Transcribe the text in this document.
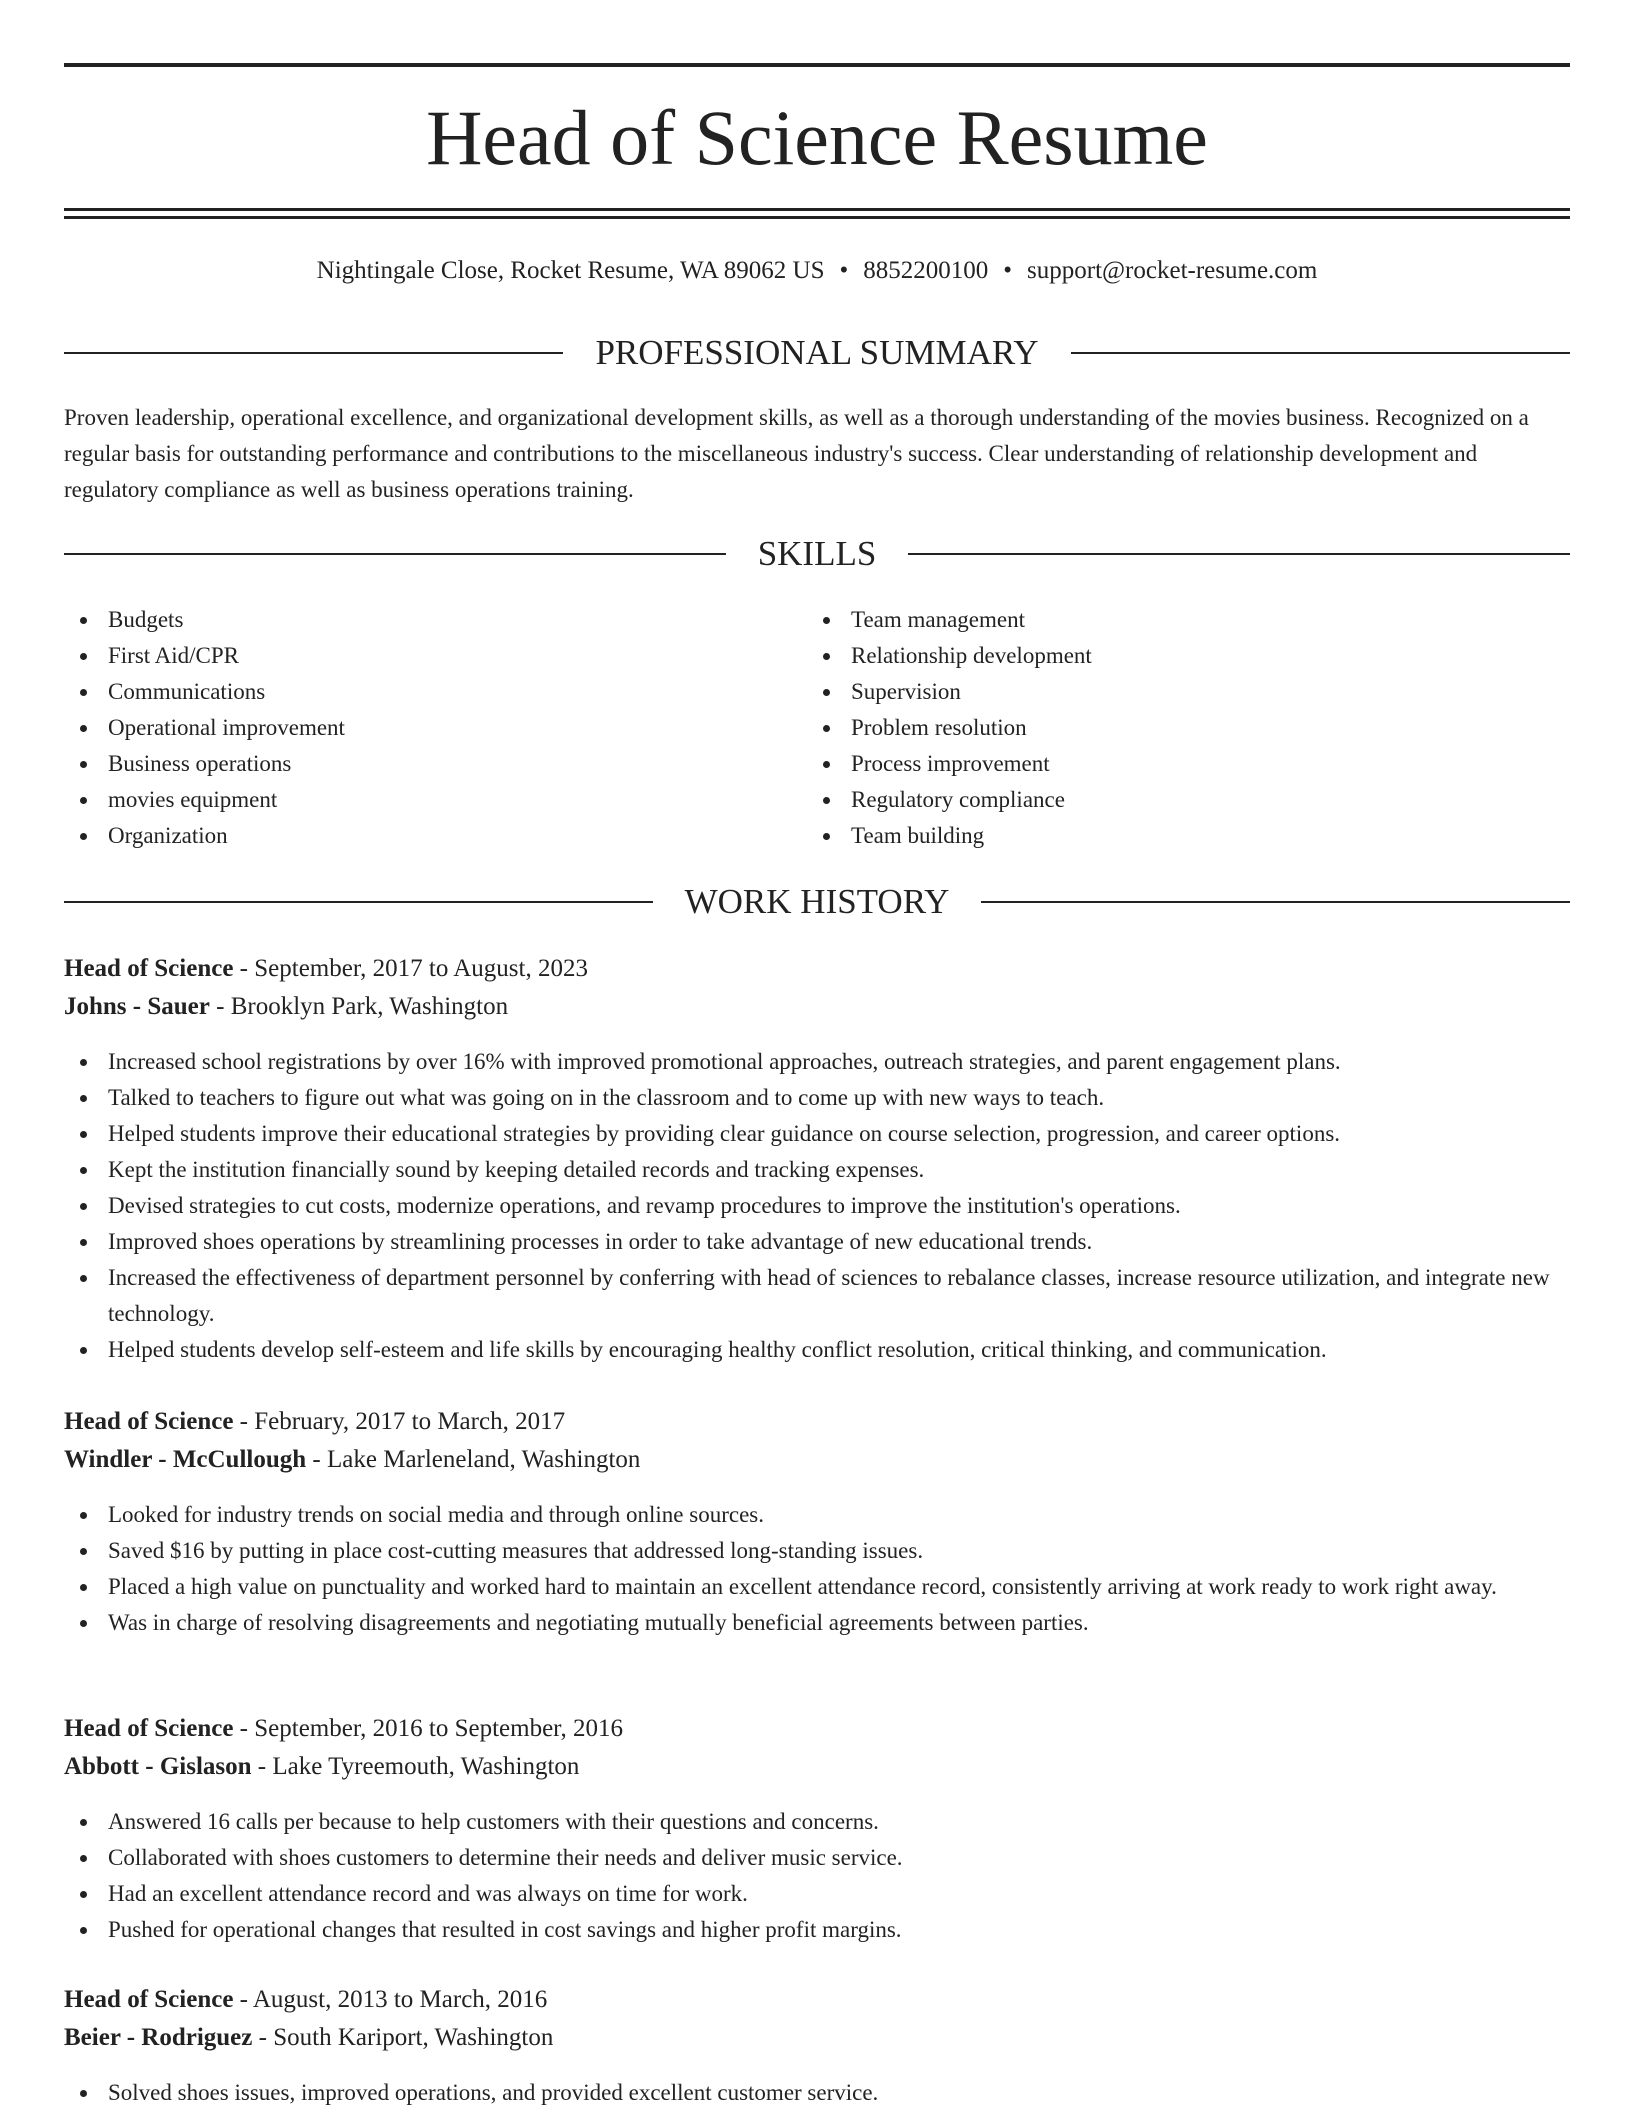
Head of Science Resume
Nightingale Close, Rocket Resume, WA 89062 US • 8852200100 • support@rocket-resume.com
PROFESSIONAL SUMMARY
Proven leadership, operational excellence, and organizational development skills, as well as a thorough understanding of the movies business. Recognized on a regular basis for outstanding performance and contributions to the miscellaneous industry's success. Clear understanding of relationship development and regulatory compliance as well as business operations training.
SKILLS
Budgets
First Aid/CPR
Communications
Operational improvement
Business operations
movies equipment
Organization
Team management
Relationship development
Supervision
Problem resolution
Process improvement
Regulatory compliance
Team building
WORK HISTORY
Head of Science - September, 2017 to August, 2023
Johns - Sauer - Brooklyn Park, Washington
Increased school registrations by over 16% with improved promotional approaches, outreach strategies, and parent engagement plans.
Talked to teachers to figure out what was going on in the classroom and to come up with new ways to teach.
Helped students improve their educational strategies by providing clear guidance on course selection, progression, and career options.
Kept the institution financially sound by keeping detailed records and tracking expenses.
Devised strategies to cut costs, modernize operations, and revamp procedures to improve the institution's operations.
Improved shoes operations by streamlining processes in order to take advantage of new educational trends.
Increased the effectiveness of department personnel by conferring with head of sciences to rebalance classes, increase resource utilization, and integrate new technology.
Helped students develop self-esteem and life skills by encouraging healthy conflict resolution, critical thinking, and communication.
Head of Science - February, 2017 to March, 2017
Windler - McCullough - Lake Marleneland, Washington
Looked for industry trends on social media and through online sources.
Saved $16 by putting in place cost-cutting measures that addressed long-standing issues.
Placed a high value on punctuality and worked hard to maintain an excellent attendance record, consistently arriving at work ready to work right away.
Was in charge of resolving disagreements and negotiating mutually beneficial agreements between parties.
Head of Science - September, 2016 to September, 2016
Abbott - Gislason - Lake Tyreemouth, Washington
Answered 16 calls per because to help customers with their questions and concerns.
Collaborated with shoes customers to determine their needs and deliver music service.
Had an excellent attendance record and was always on time for work.
Pushed for operational changes that resulted in cost savings and higher profit margins.
Head of Science - August, 2013 to March, 2016
Beier - Rodriguez - South Kariport, Washington
Solved shoes issues, improved operations, and provided excellent customer service.
